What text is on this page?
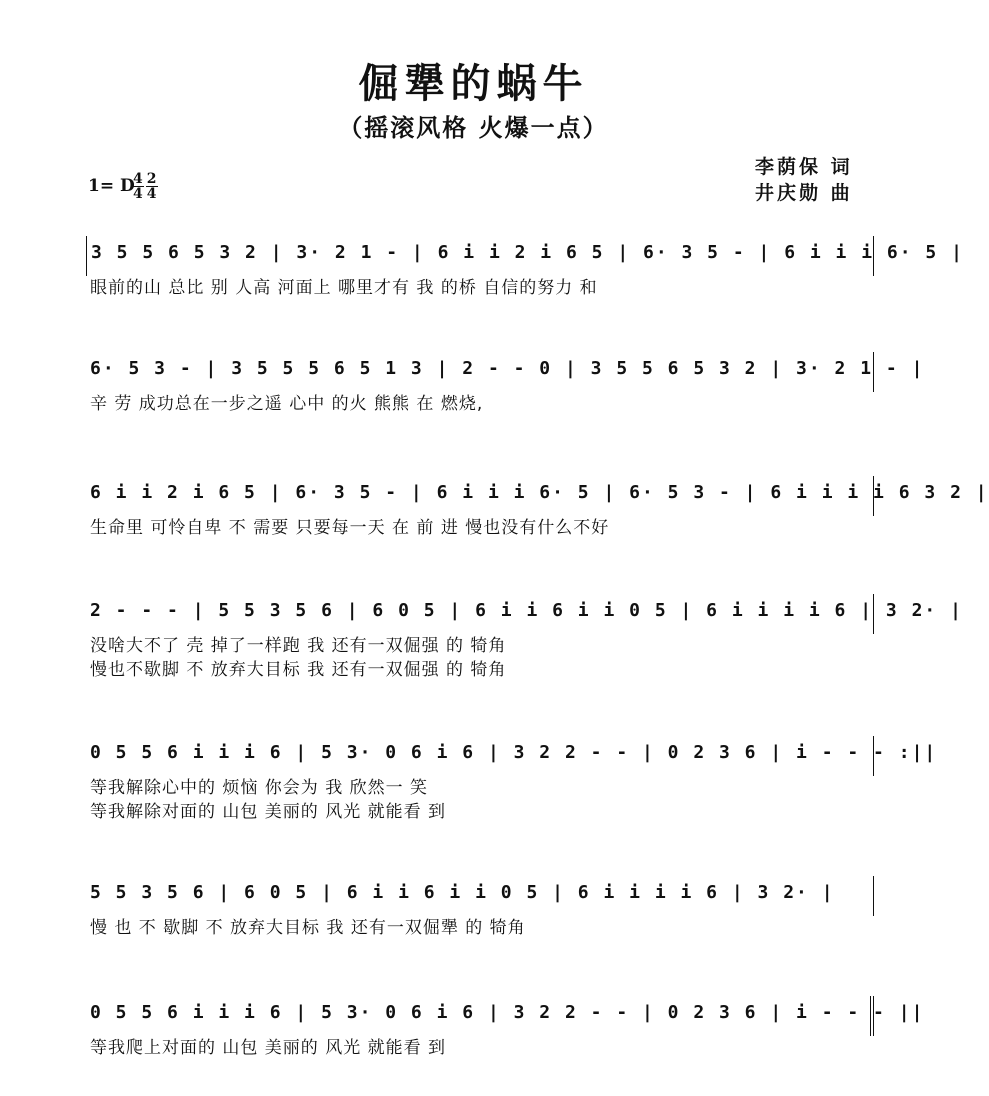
倔犟的蜗牛
（摇滚风格 火爆一点）
李荫保 词
井庆勋 曲
1= D
$\frac{4}{4} \frac{2}{4}$
3 5 5 6 5 3 2 | 3· 2 1 - | 6 i i 2 i 6 5 | 6· 3 5 - | 6 i i i 6· 5 |
眼前的山 总比 别 人高 河面上 哪里才有 我 的桥 自信的努力 和
6· 5 3 - | 3 5 5 5 6 5 1 3 | 2 - - 0 | 3 5 5 6 5 3 2 | 3· 2 1 - |
辛 劳 成功总在一步之遥 心中 的火 熊熊 在 燃烧,
6 i i 2 i 6 5 | 6· 3 5 - | 6 i i i 6· 5 | 6· 5 3 - | 6 i i i i 6 3 2 |
生命里 可怜自卑 不 需要 只要每一天 在 前 进 慢也没有什么不好
2 - - - | 5 5 3 5 6 | 6 0 5 | 6 i i 6 i i 0 5 | 6 i i i i 6 | 3 2· |
没啥大不了 壳 掉了一样跑 我 还有一双倔强 的 犄角
慢也不歇脚 不 放弃大目标 我 还有一双倔强 的 犄角
0 5 5 6 i i i 6 | 5 3· 0 6 i 6 | 3 2 2 - - | 0 2 3 6 | i - - - :||
等我解除心中的 烦恼 你会为 我 欣然一 笑
等我解除对面的 山包 美丽的 风光 就能看 到
5 5 3 5 6 | 6 0 5 | 6 i i 6 i i 0 5 | 6 i i i i 6 | 3 2· |
慢 也 不 歇脚 不 放弃大目标 我 还有一双倔犟 的 犄角
0 5 5 6 i i i 6 | 5 3· 0 6 i 6 | 3 2 2 - - | 0 2 3 6 | i - - - ||
等我爬上对面的 山包 美丽的 风光 就能看 到
